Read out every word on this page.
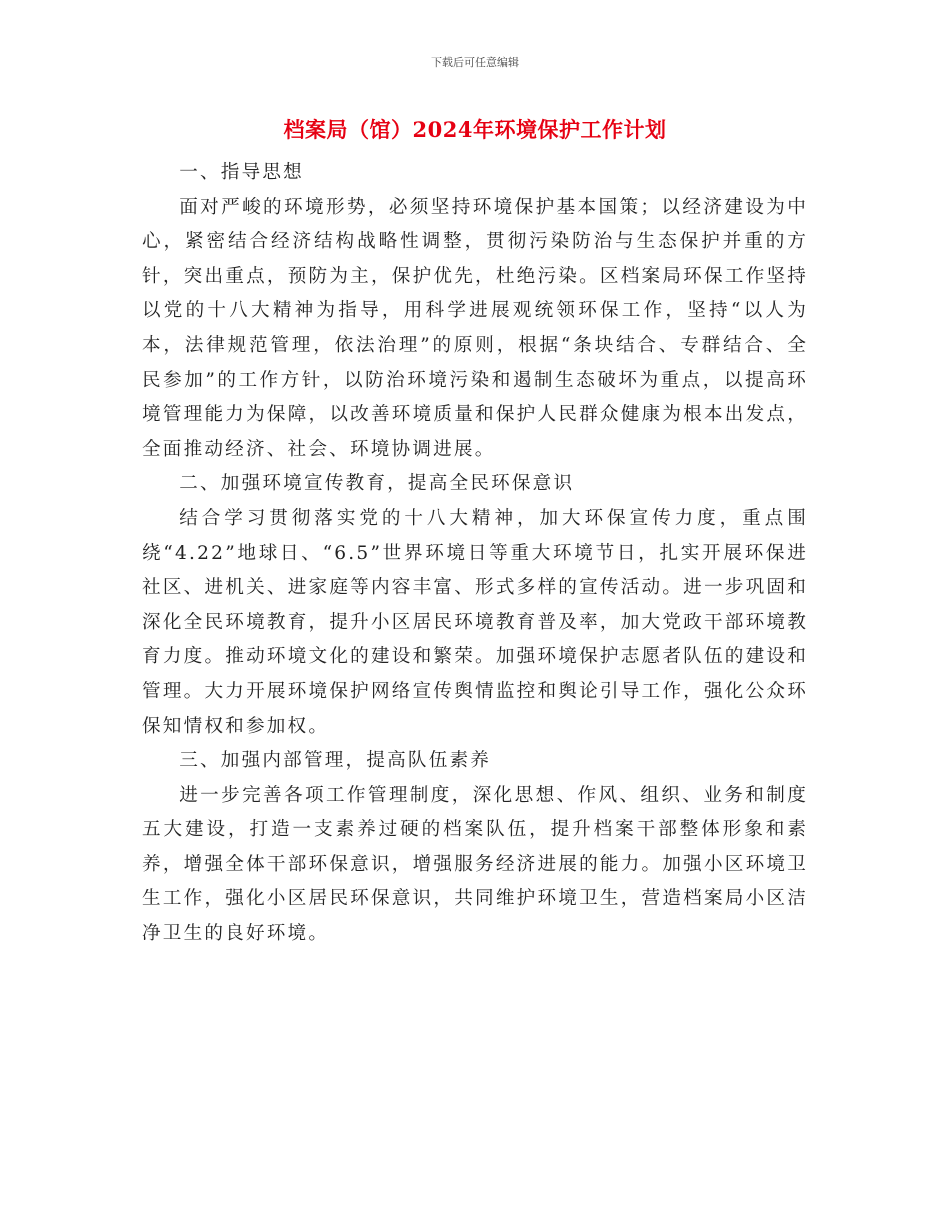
下载后可任意编辑
档案局（馆）2024年环境保护工作计划

一、指导思想

面对严峻的环境形势，必须坚持环境保护基本国策；以经济建设为中心，紧密结合经济结构战略性调整，贯彻污染防治与生态保护并重的方针，突出重点，预防为主，保护优先，杜绝污染。区档案局环保工作坚持以党的十八大精神为指导，用科学进展观统领环保工作，坚持“以人为本，法律规范管理，依法治理”的原则，根据“条块结合、专群结合、全民参加”的工作方针，以防治环境污染和遏制生态破坏为重点，以提高环境管理能力为保障，以改善环境质量和保护人民群众健康为根本出发点，全面推动经济、社会、环境协调进展。

二、加强环境宣传教育，提高全民环保意识

结合学习贯彻落实党的十八大精神，加大环保宣传力度，重点围绕“4.22”地球日、“6.5”世界环境日等重大环境节日，扎实开展环保进社区、进机关、进家庭等内容丰富、形式多样的宣传活动。进一步巩固和深化全民环境教育，提升小区居民环境教育普及率，加大党政干部环境教育力度。推动环境文化的建设和繁荣。加强环境保护志愿者队伍的建设和管理。大力开展环境保护网络宣传舆情监控和舆论引导工作，强化公众环保知情权和参加权。

三、加强内部管理，提高队伍素养

进一步完善各项工作管理制度，深化思想、作风、组织、业务和制度五大建设，打造一支素养过硬的档案队伍，提升档案干部整体形象和素养，增强全体干部环保意识，增强服务经济进展的能力。加强小区环境卫生工作，强化小区居民环保意识，共同维护环境卫生，营造档案局小区洁净卫生的良好环境。
